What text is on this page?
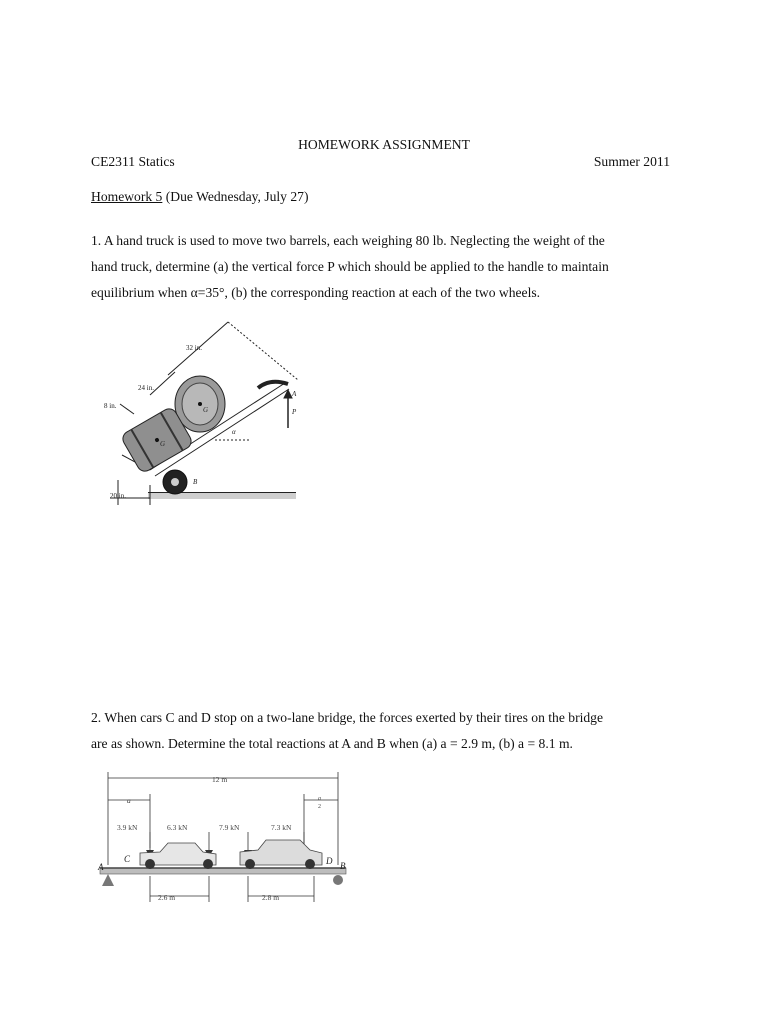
HOMEWORK ASSIGNMENT
CE2311 Statics	Summer 2011
Homework 5 (Due Wednesday, July 27)
1. A hand truck is used to move two barrels, each weighing 80 lb. Neglecting the weight of the
hand truck, determine (a) the vertical force P which should be applied to the handle to maintain
equilibrium when α=35°, (b) the corresponding reaction at each of the two wheels.
32 in.
24 in.
8 in.
20 in.
A
P
B
G
G
α
2. When cars C and D stop on a two-lane bridge, the forces exerted by their tires on the bridge
are as shown. Determine the total reactions at A and B when (a) a = 2.9 m, (b) a = 8.1 m.
12 m
a	a
2
3.9 kN	6.3 kN	7.9 kN	7.3 kN
A
C	D B
2.6 m	2.8 m
